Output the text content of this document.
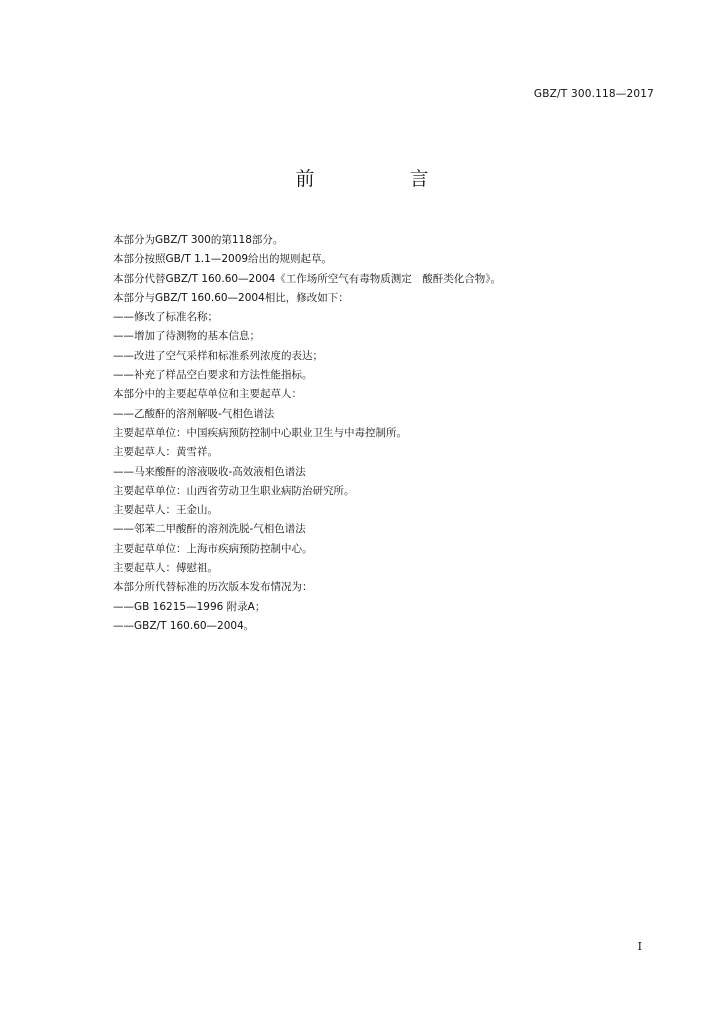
GBZ/T 300.118—2017
前　言
本部分为GBZ/T 300的第118部分。
本部分按照GB/T 1.1—2009给出的规则起草。
本部分代替GBZ/T 160.60—2004《工作场所空气有毒物质测定　酸酐类化合物》。
本部分与GBZ/T 160.60—2004相比，修改如下：
——修改了标准名称；
——增加了待测物的基本信息；
——改进了空气采样和标准系列浓度的表达；
——补充了样品空白要求和方法性能指标。
本部分中的主要起草单位和主要起草人：
——乙酸酐的溶剂解吸-气相色谱法
主要起草单位：中国疾病预防控制中心职业卫生与中毒控制所。
主要起草人：黄雪祥。
——马来酸酐的溶液吸收-高效液相色谱法
主要起草单位：山西省劳动卫生职业病防治研究所。
主要起草人：王金山。
——邻苯二甲酸酐的溶剂洗脱-气相色谱法
主要起草单位：上海市疾病预防控制中心。
主要起草人：傅慰祖。
本部分所代替标准的历次版本发布情况为：
——GB 16215—1996 附录A；
——GBZ/T 160.60—2004。
I
